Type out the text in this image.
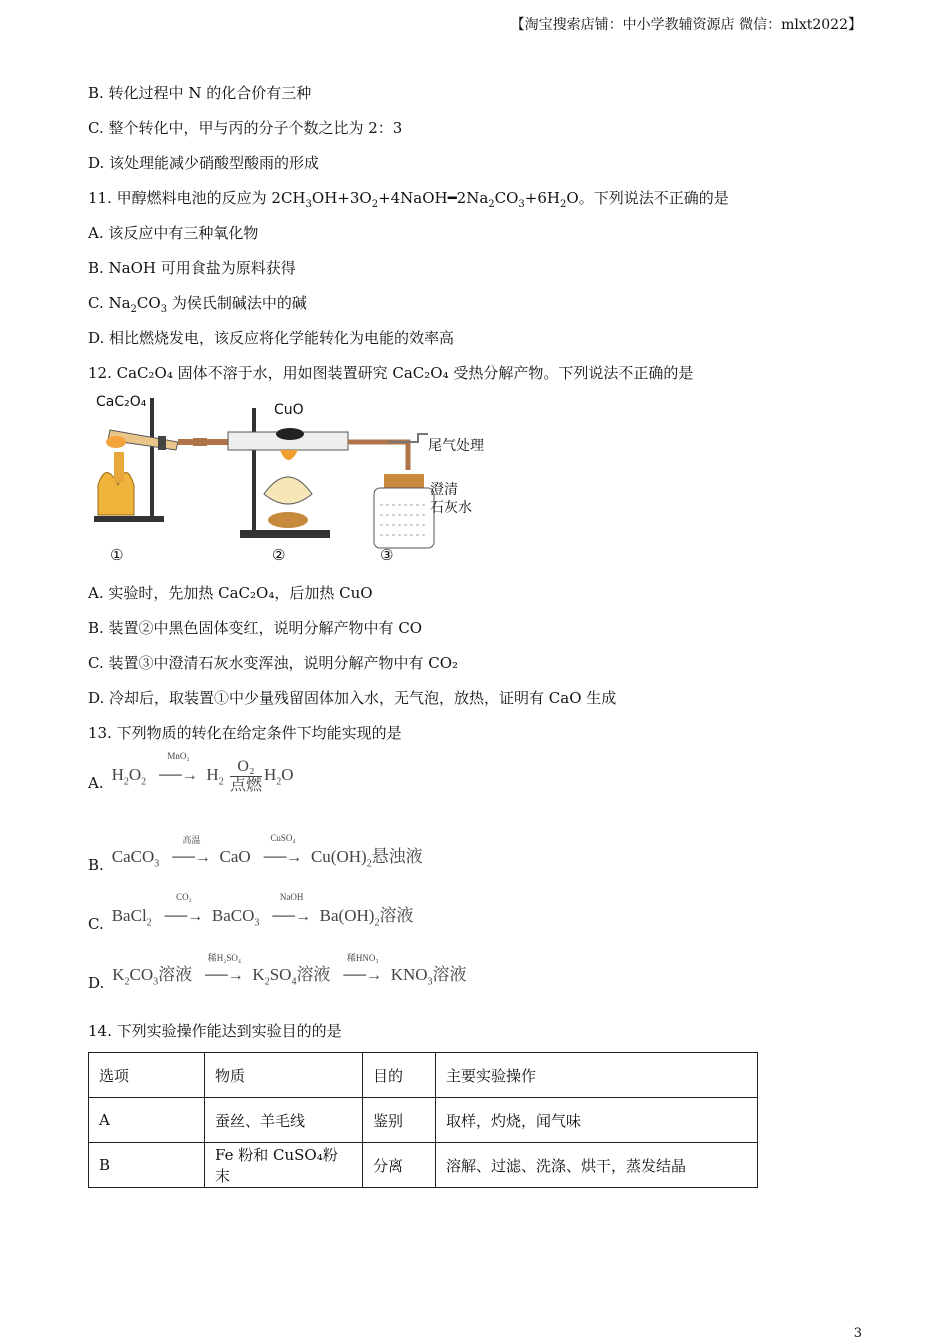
【淘宝搜索店铺：中小学教辅资源店 微信：mlxt2022】
B. 转化过程中 N 的化合价有三种
C. 整个转化中，甲与丙的分子个数之比为 2：3
D. 该处理能减少硝酸型酸雨的形成
11. 甲醇燃料电池的反应为 $2CH_3OH+3O_2+4NaOH━2Na_2CO_3+6H_2O$。下列说法不正确的是
A. 该反应中有三种氧化物
B. NaOH 可用食盐为原料获得
C. $Na_2CO_3$ 为侯氏制碱法中的碱
D. 相比燃烧发电，该反应将化学能转化为电能的效率高
12. CaC₂O₄ 固体不溶于水，用如图装置研究 CaC₂O₄ 受热分解产物。下列说法不正确的是
CaC₂O₄	CuO
尾气处理
澄清
石灰水
①	②	③
A. 实验时，先加热 CaC₂O₄，后加热 CuO
B. 装置②中黑色固体变红，说明分解产物中有 CO
C. 装置③中澄清石灰水变浑浊，说明分解产物中有 CO₂
D. 冷却后，取装置①中少量残留固体加入水，无气泡，放热，证明有 CaO 生成
13. 下列物质的转化在给定条件下均能实现的是
A. $H_2O_2$
MnO₂
──→ $H_2 \frac{\text{O₂}}{\text{点燃}} H_2O$
B. CaCO$_3$
高温
──→ CaO
CuSO₄
──→ $Cu(OH)_2$悬浊液
C. BaCl$_2$
CO₂
──→ BaCO$_3$
NaOH
──→ $Ba(OH)_2$溶液
D. $K_2CO_3$溶液
稀H₂SO₄
──→ $K_2SO_4$溶液
稀HNO₃
──→ $KNO_3$溶液
14. 下列实验操作能达到实验目的的是
选项	物质	目的	主要实验操作
A	蚕丝、羊毛线	鉴别	取样，灼烧，闻气味
B	Fe 粉和 CuSO₄粉末	分离	溶解、过滤、洗涤、烘干，蒸发结晶
3
